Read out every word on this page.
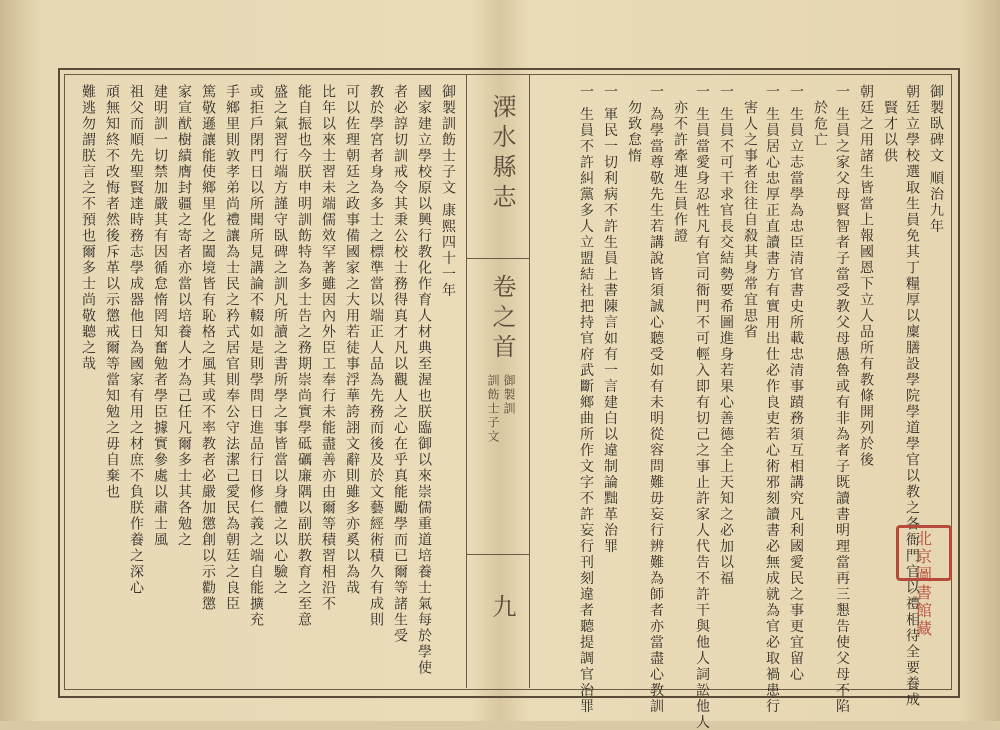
御製臥碑文 順治九年
朝廷立學校選取生員免其丁糧厚以廩膳設學院學道學官以教之各衙門官以禮相待全要養成
賢才以供
朝廷之用諸生皆當上報國恩下立人品所有教條開列於後
一 生員之家父母賢智者子當受教父母愚魯或有非為者子既讀書明理當再三懇告使父母不陷
於危亡
一 生員立志當學為忠臣清官書史所載忠清事蹟務須互相講究凡利國愛民之事更宜留心
一 生員居心忠厚正直讀書方有實用出仕必作良吏若心術邪刻讀書必無成就為官必取禍患行
害人之事者往往自殺其身常宜思省
一 生員不可干求官長交結勢要希圖進身若果心善德全上天知之必加以福
一 生員當愛身忍性凡有官司衙門不可輕入即有切己之事止許家人代告不許干與他人詞訟他人
亦不許牽連生員作證
一 為學當尊敬先生若講說皆須誠心聽受如有未明從容問難毋妄行辨難為師者亦當盡心教訓
勿致怠惰
一 軍民一切利病不許生員上書陳言如有一言建白以違制論黜革治罪
一 生員不許糾黨多人立盟結社把持官府武斷鄉曲所作文字不許妄行刊刻違者聽提調官治罪
溧水縣志
卷之首
御製訓
訓飭士子文
九
御製訓飭士子文 康熙四十一年
國家建立學校原以興行教化作育人材典至渥也朕臨御以來崇儒重道培養士氣每於學使
者必諄切訓戒令其秉公校士務得真才凡以觀人之心在乎真能勵學而已爾等諸生受
教於學宮者身為多士之標準當以端正人品為先務而後及於文藝經術積久有成則
可以佐理朝廷之政事備國家之大用若徒事浮華誇詡文辭則雖多亦奚以為哉
比年以來士習未端儒效罕著雖因內外臣工奉行未能盡善亦由爾等積習相沿不
能自振也今朕申明訓飭特為多士告之務期崇尚實學砥礪廉隅以副朕教育之至意
盛之氣習行端方謹守臥碑之訓凡所讀之書所學之事皆當以身體之以心驗之
或拒戶閉門日以所聞所見講論不輟如是則學問日進品行日修仁義之端自能擴充
手鄉里則敦孝弟尚禮讓為士民之矜式居官則奉公守法潔己愛民為朝廷之良臣
篤敬遜讓能使鄉里化之闔境皆有恥格之風其或不率教者必嚴加懲創以示勸懲
家宣猷樹績膺封疆之寄者亦當以培養人才為己任凡爾多士其各勉之
建明訓一切禁加嚴其有因循怠惰罔知奮勉者學臣據實參處以肅士風
祖父而順先聖賢達時務志學成器他日為國家有用之材庶不負朕作養之深心
頑無知終不改悔者然後斥革以示懲戒爾等當知勉之毋自棄也
難逃勿謂朕言之不預也爾多士尚敬聽之哉
北
京
圖
書
館
藏
